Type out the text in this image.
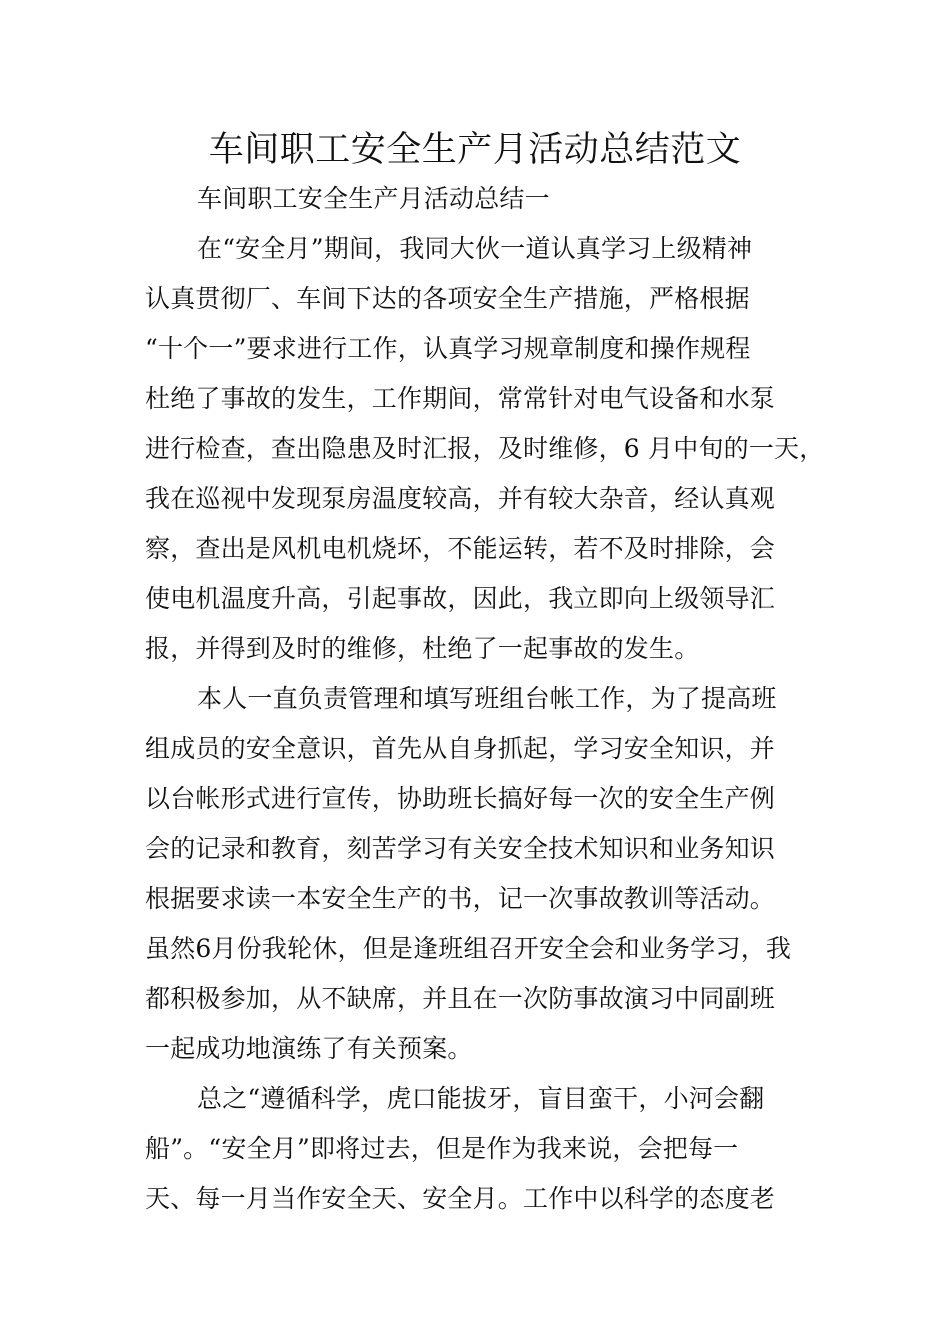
车间职工安全生产月活动总结范文
车间职工安全生产月活动总结一
在“安全月”期间，我同大伙一道认真学习上级精神
认真贯彻厂、车间下达的各项安全生产措施，严格根据
“十个一”要求进行工作，认真学习规章制度和操作规程
杜绝了事故的发生，工作期间，常常针对电气设备和水泵
进行检查，查出隐患及时汇报，及时维修，6 月中旬的一天，
我在巡视中发现泵房温度较高，并有较大杂音，经认真观
察，查出是风机电机烧坏，不能运转，若不及时排除，会
使电机温度升高，引起事故，因此，我立即向上级领导汇
报，并得到及时的维修，杜绝了一起事故的发生。
本人一直负责管理和填写班组台帐工作，为了提高班
组成员的安全意识，首先从自身抓起，学习安全知识，并
以台帐形式进行宣传，协助班长搞好每一次的安全生产例
会的记录和教育，刻苦学习有关安全技术知识和业务知识
根据要求读一本安全生产的书，记一次事故教训等活动。
虽然6月份我轮休，但是逢班组召开安全会和业务学习，我
都积极参加，从不缺席，并且在一次防事故演习中同副班
一起成功地演练了有关预案。
总之“遵循科学，虎口能拔牙，盲目蛮干，小河会翻
船”。“安全月”即将过去，但是作为我来说，会把每一
天、每一月当作安全天、安全月。工作中以科学的态度老
